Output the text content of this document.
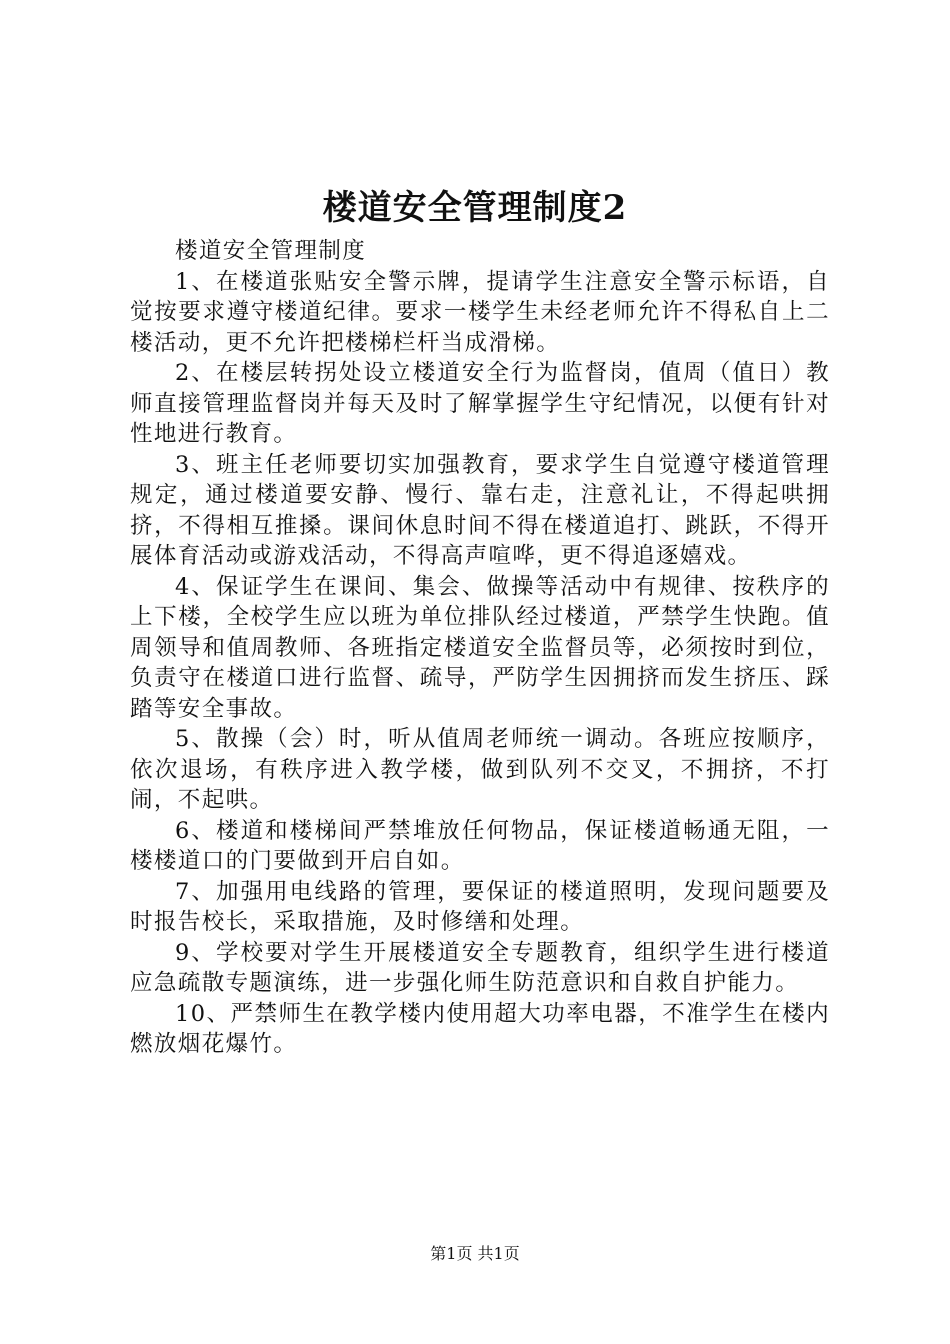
楼道安全管理制度2

楼道安全管理制度

1、在楼道张贴安全警示牌，提请学生注意安全警示标语，自觉按要求遵守楼道纪律。要求一楼学生未经老师允许不得私自上二楼活动，更不允许把楼梯栏杆当成滑梯。

2、在楼层转拐处设立楼道安全行为监督岗，值周（值日）教师直接管理监督岗并每天及时了解掌握学生守纪情况，以便有针对性地进行教育。

3、班主任老师要切实加强教育，要求学生自觉遵守楼道管理规定，通过楼道要安静、慢行、靠右走，注意礼让，不得起哄拥挤，不得相互推搡。课间休息时间不得在楼道追打、跳跃，不得开展体育活动或游戏活动，不得高声喧哗，更不得追逐嬉戏。

4、保证学生在课间、集会、做操等活动中有规律、按秩序的上下楼，全校学生应以班为单位排队经过楼道，严禁学生快跑。值周领导和值周教师、各班指定楼道安全监督员等，必须按时到位，负责守在楼道口进行监督、疏导，严防学生因拥挤而发生挤压、踩踏等安全事故。

5、散操（会）时，听从值周老师统一调动。各班应按顺序，依次退场，有秩序进入教学楼，做到队列不交叉，不拥挤，不打闹，不起哄。

6、楼道和楼梯间严禁堆放任何物品，保证楼道畅通无阻，一楼楼道口的门要做到开启自如。

7、加强用电线路的管理，要保证的楼道照明，发现问题要及时报告校长，采取措施，及时修缮和处理。

9、学校要对学生开展楼道安全专题教育，组织学生进行楼道应急疏散专题演练，进一步强化师生防范意识和自救自护能力。

10、严禁师生在教学楼内使用超大功率电器，不准学生在楼内燃放烟花爆竹。

第1页 共1页
